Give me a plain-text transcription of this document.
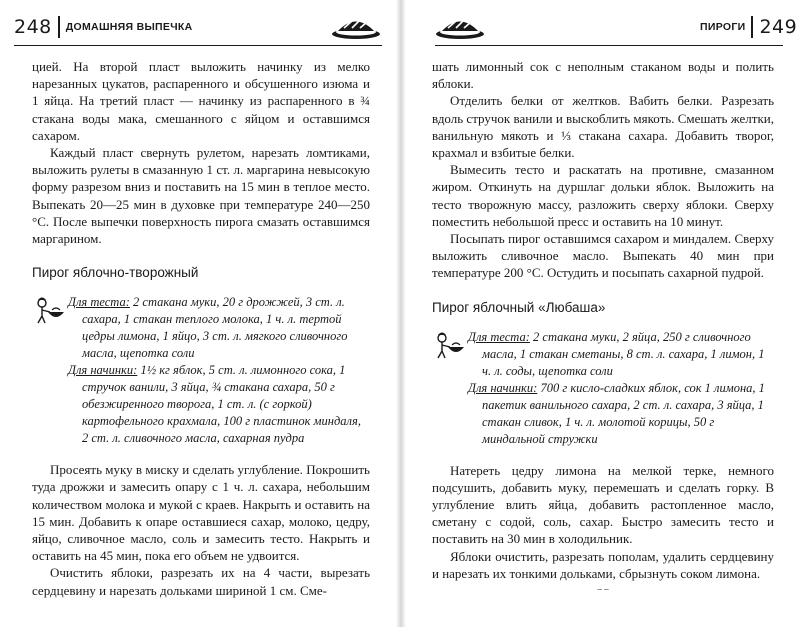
248 ДОМАШНЯЯ ВЫПЕЧКА

цией. На второй пласт выложить начинку из мелко нарезанных цукатов, распаренного и обсушенного изюма и 1 яйца. На третий пласт — начинку из распаренного в ¾ стакана воды мака, смешанного с яйцом и оставшимся сахаром.

Каждый пласт свернуть рулетом, нарезать ломтиками, выложить рулеты в смазанную 1 ст. л. маргарина невысокую форму разрезом вниз и поставить на 15 мин в теплое место. Выпекать 20—25 мин в духовке при температуре 240—250 °С. После выпечки поверхность пирога смазать оставшимся маргарином.

Пирог яблочно-творожный

Для теста: 2 стакана муки, 20 г дрожжей, 3 ст. л. сахара, 1 стакан теплого молока, 1 ч. л. тертой цедры лимона, 1 яйцо, 3 ст. л. мягкого сливочного масла, щепотка соли

Для начинки: 1½ кг яблок, 5 ст. л. лимонного сока, 1 стручок ванили, 3 яйца, ¾ стакана сахара, 50 г обезжиренного творога, 1 ст. л. (с горкой) картофельного крахмала, 100 г пластинок миндаля, 2 ст. л. сливочного масла, сахарная пудра

Просеять муку в миску и сделать углубление. Покрошить туда дрожжи и замесить опару с 1 ч. л. сахара, небольшим количеством молока и мукой с краев. Накрыть и оставить на 15 мин. Добавить к опаре оставшиеся сахар, молоко, цедру, яйцо, сливочное масло, соль и замесить тесто. Накрыть и оставить на 45 мин, пока его объем не удвоится.

Очистить яблоки, разрезать их на 4 части, вырезать сердцевину и нарезать дольками шириной 1 см. Сме-

ПИРОГИ 249

шать лимонный сок с неполным стаканом воды и полить яблоки.

Отделить белки от желтков. Вабить белки. Разрезать вдоль стручок ванили и выскоблить мякоть. Смешать желтки, ванильную мякоть и ⅓ стакана сахара. Добавить творог, крахмал и взбитые белки.

Вымесить тесто и раскатать на противне, смазанном жиром. Откинуть на дуршлаг дольки яблок. Выложить на тесто творожную массу, разложить сверху яблоки. Сверху поместить небольшой пресс и оставить на 10 минут.

Посыпать пирог оставшимся сахаром и миндалем. Сверху выложить сливочное масло. Выпекать 40 мин при температуре 200 °С. Остудить и посыпать сахарной пудрой.

Пирог яблочный «Любаша»

Для теста: 2 стакана муки, 2 яйца, 250 г сливочного масла, 1 стакан сметаны, 8 ст. л. сахара, 1 лимон, 1 ч. л. соды, щепотка соли

Для начинки: 700 г кисло-сладких яблок, сок 1 лимона, 1 пакетик ванильного сахара, 2 ст. л. сахара, 3 яйца, 1 стакан сливок, 1 ч. л. молотой корицы, 50 г миндальной стружки

Натереть цедру лимона на мелкой терке, немного подсушить, добавить муку, перемешать и сделать горку. В углубление влить яйца, добавить растопленное масло, сметану с содой, соль, сахар. Быстро замесить тесто и поставить на 30 мин в холодильник.

Яблоки очистить, разрезать пополам, удалить сердцевину и нарезать их тонкими дольками, сбрызнуть соком лимона.

– –
